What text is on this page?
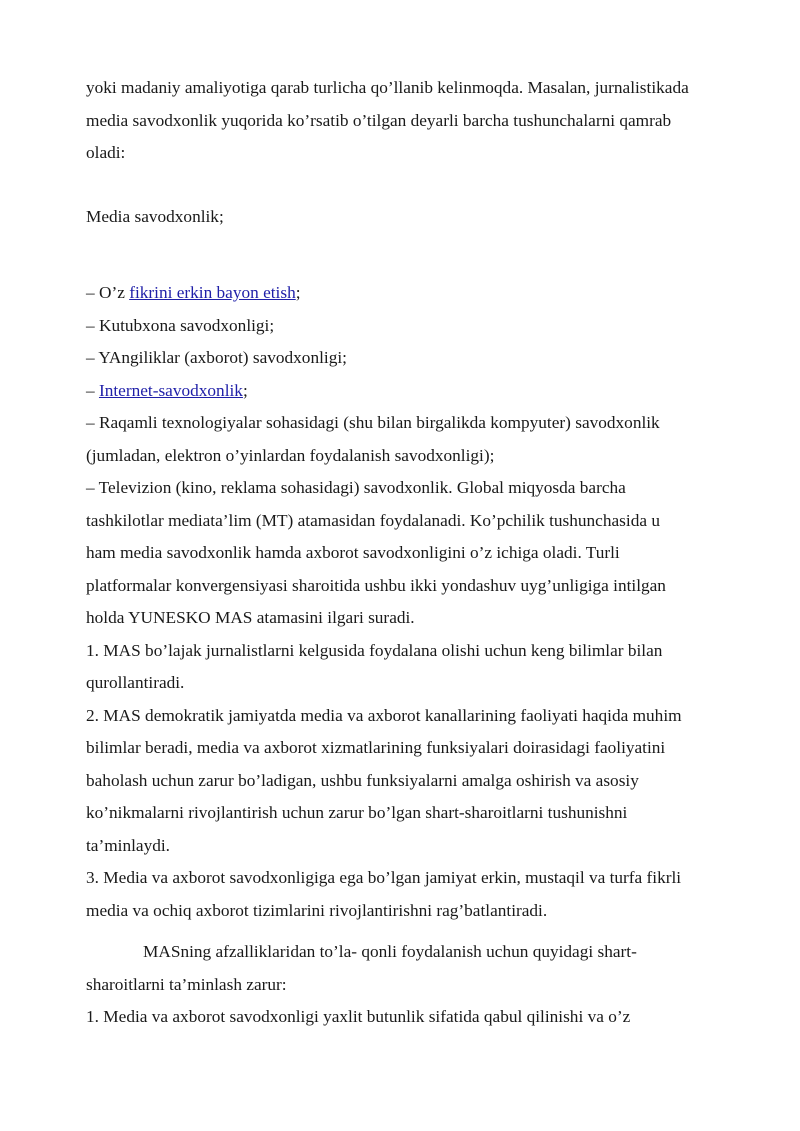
yoki madaniy amaliyotiga qarab turlicha qo’llanib kelinmoqda. Masalan, jurnalistikada
media savodxonlik yuqorida ko’rsatib o’tilgan deyarli barcha tushunchalarni qamrab
oladi:
Media savodxonlik;
– O’z fikrini erkin bayon etish;
– Kutubxona savodxonligi;
– YAngiliklar (axborot) savodxonligi;
– Internet-savodxonlik;
– Raqamli texnologiyalar sohasidagi (shu bilan birgalikda kompyuter) savodxonlik
(jumladan, elektron o’yinlardan foydalanish savodxonligi);
– Televizion (kino, reklama sohasidagi) savodxonlik. Global miqyosda barcha
tashkilotlar mediata’lim (MT) atamasidan foydalanadi. Ko’pchilik tushunchasida u
ham media savodxonlik hamda axborot savodxonligini o’z ichiga oladi. Turli
platformalar konvergensiyasi sharoitida ushbu ikki yondashuv uyg’unligiga intilgan
holda YUNESKO MAS atamasini ilgari suradi.
1. MAS bo’lajak jurnalistlarni kelgusida foydalana olishi uchun keng bilimlar bilan
qurollantiradi.
2. MAS demokratik jamiyatda media va axborot kanallarining faoliyati haqida muhim
bilimlar beradi, media va axborot xizmatlarining funksiyalari doirasidagi faoliyatini
baholash uchun zarur bo’ladigan, ushbu funksiyalarni amalga oshirish va asosiy
ko’nikmalarni rivojlantirish uchun zarur bo’lgan shart-sharoitlarni tushunishni
ta’minlaydi.
3. Media va axborot savodxonligiga ega bo’lgan jamiyat erkin, mustaqil va turfa fikrli
media va ochiq axborot tizimlarini rivojlantirishni rag’batlantiradi.
MASning afzalliklaridan to’la- qonli foydalanish uchun quyidagi shart-
sharoitlarni ta’minlash zarur:
1. Media va axborot savodxonligi yaxlit butunlik sifatida qabul qilinishi va o’z
